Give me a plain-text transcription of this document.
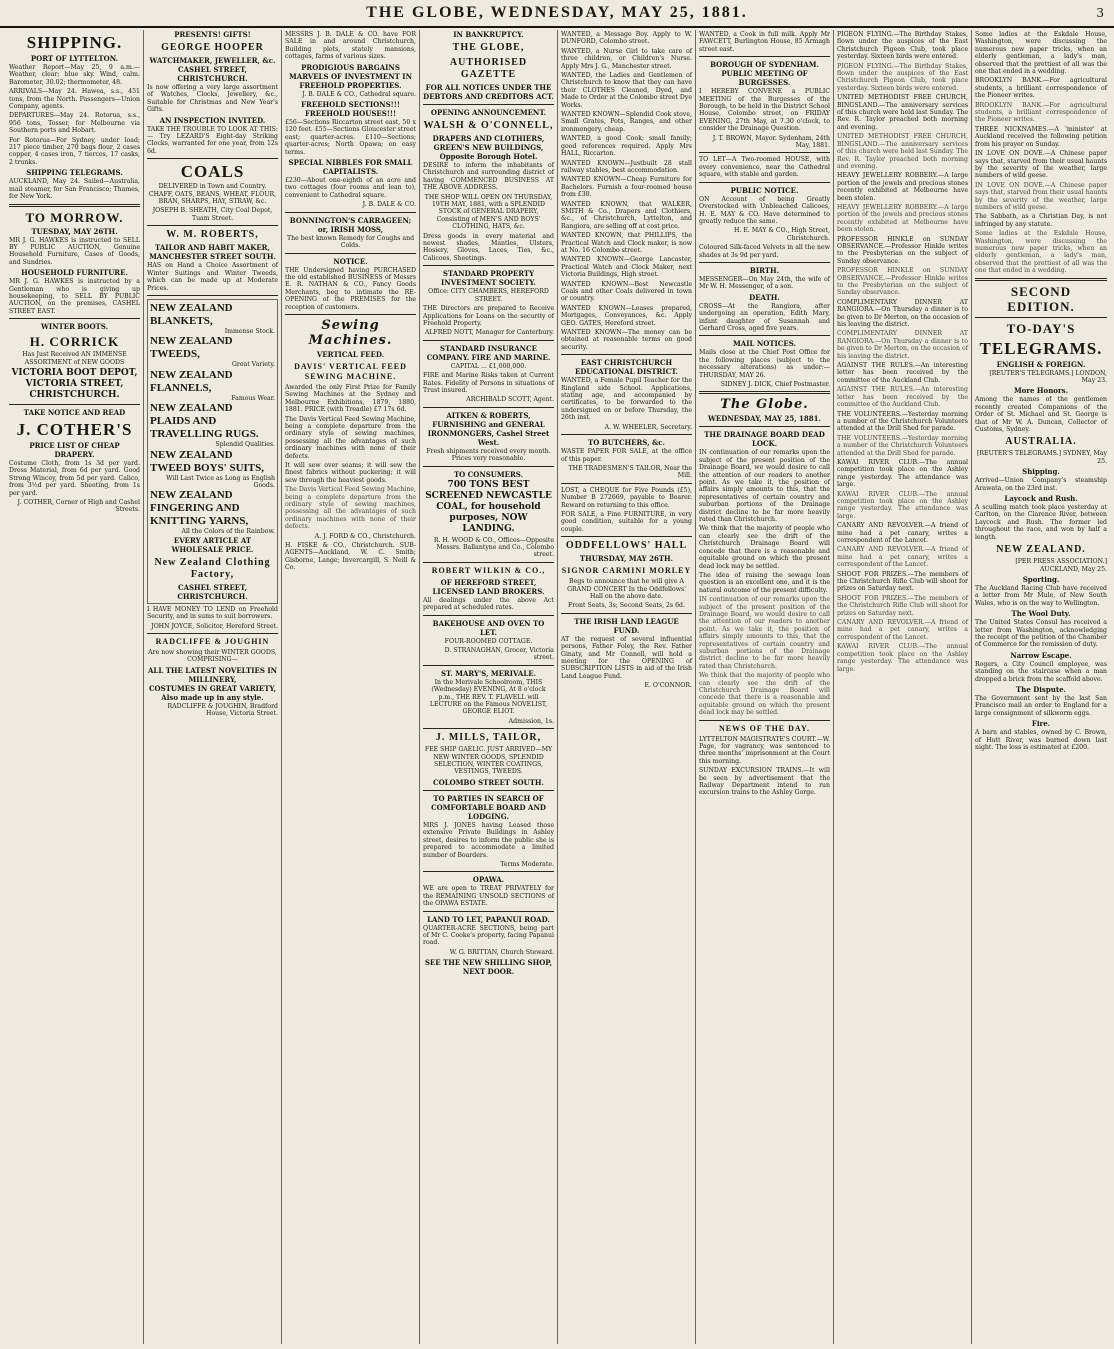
THE GLOBE, WEDNESDAY, MAY 25, 1881.	3
SHIPPING.
PORT OF LYTTELTON.
Weather Report—May 25, 9 a.m.—Weather, clear; blue sky. Wind, calm. Barometer, 30.02; thermometer, 48.
ARRIVALS—May 24. Hawea, s.s., 451 tons, from the North. Passengers—Union Company, agents.
DEPARTURES—May 24. Rotorua, s.s., 956 tons, Tosser, for Melbourne via Southern ports and Hobart.
For Rotorua—For Sydney, under load; 217 piece timber, 270 bags flour, 2 cases copper, 4 cases iron, 7 tierces, 17 casks, 2 trunks.
SHIPPING TELEGRAMS.
AUCKLAND, May 24. Sailed—Australia, mail steamer, for San Francisco; Thames, for New York.
TO MORROW.
TUESDAY, MAY 26TH.
MR J. G. HAWKES is instructed to SELL BY PUBLIC AUCTION, Genuine Household Furniture, Cases of Goods, and Sundries.
HOUSEHOLD FURNITURE.
MR J. G. HAWKES is instructed by a Gentleman who is giving up housekeeping, to SELL BY PUBLIC AUCTION, on the premises, CASHEL STREET EAST.
WINTER BOOTS.
H. CORRICK
Has Just Received AN IMMENSE ASSORTMENT of NEW GOODS
VICTORIA BOOT DEPOT, VICTORIA STREET, CHRISTCHURCH.
TAKE NOTICE AND READ
J. COTHER'S
PRICE LIST OF CHEAP DRAPERY.
Costume Cloth, from 1s 3d per yard. Dress Material, from 6d per yard. Good Strong Wincey, from 5d per yard. Calico, from 3½d per yard. Sheeting, from 1s per yard.
J. COTHER, Corner of High and Cashel Streets.
PRESENTS! GIFTS!
GEORGE HOOPER
WATCHMAKER, JEWELLER, &c.
CASHEL STREET, CHRISTCHURCH.
Is now offering a very large assortment of Watches, Clocks, Jewellery, &c., Suitable for Christmas and New Year's Gifts.
AN INSPECTION INVITED.
TAKE THE TROUBLE TO LOOK AT THIS:— Try LEZARD'S Eight-day Striking Clocks, warranted for one year, from 12s 6d.
COALS
DELIVERED in Town and Country. CHAFF, OATS, BEANS, WHEAT, FLOUR, BRAN, SHARPS, HAY, STRAW, &c.
JOSEPH B. SHEATH, City Coal Depot, Tuam Street.
W. M. ROBERTS,
TAILOR AND HABIT MAKER, MANCHESTER STREET SOUTH.
HAS on Hand a Choice Assortment of Winter Suitings and Winter Tweeds, which can be made up at Moderate Prices.
NEW ZEALAND BLANKETS,
Immense Stock.
NEW ZEALAND TWEEDS,
Great Variety.
NEW ZEALAND FLANNELS,
Famous Wear.
NEW ZEALAND PLAIDS AND TRAVELLING RUGS.
Splendid Qualities.
NEW ZEALAND TWEED BOYS' SUITS,
Will Last Twice as Long as English Goods.
NEW ZEALAND FINGERING AND KNITTING YARNS,
All the Colors of the Rainbow.
EVERY ARTICLE AT WHOLESALE PRICE.
New Zealand Clothing Factory,
CASHEL STREET, CHRISTCHURCH.
I HAVE MONEY TO LEND on Freehold Security, and in sums to suit borrowers.
JOHN JOYCE, Solicitor, Hereford Street.
RADCLIFFE & JOUGHIN
Are now showing their WINTER GOODS, COMPRISING—
ALL THE LATEST NOVELTIES IN MILLINERY,
COSTUMES IN GREAT VARIETY, Also made up in any style.
RADCLIFFE & JOUGHIN, Bradford House, Victoria Street.
MESSRS J. B. DALE & CO. have FOR SALE in and around Christchurch, Building plots, stately mansions, cottages, farms of various sizes.
PRODIGIOUS BARGAINS
MARVELS OF INVESTMENT IN FREEHOLD PROPERTIES.
J. B. DALE & CO., Cathedral square.
FREEHOLD SECTIONS!!!
FREEHOLD HOUSES!!!
£56—Sections Riccarton street east, 50 x 120 feet. £55—Sections Gloucester street east; quarter-acres. £110—Sections; quarter-acres; North Opawa; on easy terms.
SPECIAL NIBBLES FOR SMALL CAPITALISTS.
£230—About one-eighth of an acre and two cottages (four rooms and lean to), convenient to Cathedral square.
J. B. DALE & CO.
BONNINGTON'S CARRAGEEN; or, IRISH MOSS,
The best known Remedy for Coughs and Colds.
NOTICE.
THE Undersigned having PURCHASED the old established BUSINESS of Messrs E. R. NATHAN & CO., Fancy Goods Merchants, beg to intimate the RE-OPENING of the PREMISES for the reception of customers.
Sewing Machines.
VERTICAL FEED.
DAVIS' VERTICAL FEED SEWING MACHINE.
Awarded the only First Prize for Family Sewing Machines at the Sydney and Melbourne Exhibitions, 1879, 1880, 1881. PRICE (with Treadle) £7 17s 6d.
The Davis Vertical Feed Sewing Machine, being a complete departure from the ordinary style of sewing machines, possessing all the advantages of such ordinary machines with none of their defects.
It will sew over seams; it will sew the finest fabrics without puckering; it will sew through the heaviest goods.
The Davis Vertical Feed Sewing Machine, being a complete departure from the ordinary style of sewing machines, possessing all the advantages of such ordinary machines with none of their defects.
A. J. FORD & CO., Christchurch.
H. FISKE & CO., Christchurch. SUB-AGENTS—Auckland, W. C. Smith; Gisborne, Lange; Invercargill, S. Neill & Co.
IN BANKRUPTCY.
THE GLOBE,
AUTHORISED GAZETTE
FOR ALL NOTICES UNDER THE DEBTORS AND CREDITORS ACT.
OPENING ANNOUNCEMENT.
WALSH & O'CONNELL,
DRAPERS AND CLOTHIERS, GREEN'S NEW BUILDINGS, Opposite Borough Hotel.
DESIRE to inform the inhabitants of Christchurch and surrounding district of having COMMENCED BUSINESS AT THE ABOVE ADDRESS.
THE SHOP WILL OPEN ON THURSDAY, 19TH MAY, 1881, with a SPLENDID STOCK of GENERAL DRAPERY, Consisting of MEN'S AND BOYS' CLOTHING, HATS, &c.
Dress goods in every material and newest shades, Mantles, Ulsters, Hosiery, Gloves, Laces, Ties, &c., Calicoes, Sheetings.
STANDARD PROPERTY INVESTMENT SOCIETY.
Office: CITY CHAMBERS, HEREFORD STREET.
THE Directors are prepared to Receive Applications for Loans on the security of Freehold Property.
ALFRED NOTT, Manager for Canterbury.
STANDARD INSURANCE COMPANY. FIRE AND MARINE.
CAPITAL ... £1,000,000.
FIRE and Marine Risks taken at Current Rates. Fidelity of Persons in situations of Trust insured.
ARCHIBALD SCOTT, Agent.
AITKEN & ROBERTS, FURNISHING and GENERAL IRONMONGERS, Cashel Street West.
Fresh shipments received every month. Prices very reasonable.
TO CONSUMERS.
700 TONS BEST SCREENED NEWCASTLE COAL, for household purposes, NOW LANDING.
R. H. WOOD & CO., Offices—Opposite Messrs. Ballantyne and Co., Colombo street.
ROBERT WILKIN & CO.,
OF HEREFORD STREET, LICENSED LAND BROKERS.
All dealings under the above Act prepared at scheduled rates.
BAKEHOUSE AND OVEN TO LET.
FOUR-ROOMED COTTAGE.
D. STRANAGHAN, Grocer, Victoria street.
ST. MARY'S, MERIVALE.
In the Merivale Schoolroom, THIS (Wednesday) EVENING, At 8 o'clock p.m., THE REV. T. FLAVELL will LECTURE on the Famous NOVELIST, GEORGE ELIOT.
Admission, 1s.
J. MILLS, TAILOR,
FEE SHIP GAELIC. JUST ARRIVED—MY NEW WINTER GOODS, SPLENDID SELECTION, WINTER COATINGS, VESTINGS, TWEEDS.
COLOMBO STREET SOUTH.
TO PARTIES IN SEARCH OF COMFORTABLE BOARD AND LODGING.
MRS J. JONES having Leased those extensive Private Buildings in Ashley street, desires to inform the public she is prepared to accommodate a limited number of Boarders.
Terms Moderate.
OPAWA.
WE are open to TREAT PRIVATELY for the REMAINING UNSOLD SECTIONS of the OPAWA ESTATE.
LAND TO LET, PAPANUI ROAD.
QUARTER-ACRE SECTIONS, being part of Mr C. Cooke's property, facing Papanui road.
W. G. BRITTAN, Church Steward.
SEE THE NEW SHILLING SHOP, NEXT DOOR.
WANTED, a Message Boy. Apply to W. DUNFORD, Colombo street.
WANTED, a Nurse Girl to take care of three children, or Children's Nurse. Apply Mrs J. G., Manchester street.
WANTED, the Ladies and Gentlemen of Christchurch to know that they can have their CLOTHES Cleaned, Dyed, and Made to Order at the Colombo street Dye Works.
WANTED KNOWN—Splendid Cook stove, Small Grates, Pots, Ranges, and other ironmongery, cheap.
WANTED, a good Cook; small family; good references required. Apply Mrs HALL, Riccarton.
WANTED KNOWN—Justbuilt 28 stall railway stables, best accommodation.
WANTED KNOWN—Cheap Furniture for Bachelors. Furnish a four-roomed house from £30.
WANTED KNOWN, that WALKER, SMITH & Co., Drapers and Clothiers, &c., of Christchurch, Lyttelton, and Rangiora, are selling off at cost price.
WANTED KNOWN, that PHILLIPS, the Practical Watch and Clock maker, is now at No. 16 Colombo street.
WANTED KNOWN—George Lancaster, Practical Watch and Clock Maker, next Victoria Buildings, High street.
WANTED KNOWN—Best Newcastle Coals and other Coals delivered in town or country.
WANTED KNOWN—Leases prepared, Mortgages, Conveyances, &c. Apply GEO. GATES, Hereford street.
WANTED KNOWN—The money can be obtained at reasonable terms on good security.
EAST CHRISTCHURCH EDUCATIONAL DISTRICT.
WANTED, a Female Pupil Teacher for the Ringland side School. Applications, stating age, and accompanied by certificates, to be forwarded to the undersigned on or before Thursday, the 26th inst.
A. W. WHEELER, Secretary.
TO BUTCHERS, &c.
WASTE PAPER FOR SALE, at the office of this paper.
THE TRADESMEN'S TAILOR, Near the Mill.
LOST, a CHEQUE for Five Pounds (£5), Number B 272669, payable to Bearer. Reward on returning to this office.
FOR SALE, a Fine FURNITURE, in very good condition, suitable for a young couple.
ODDFELLOWS' HALL
THURSDAY, MAY 26TH.
SIGNOR CARMINI MORLEY
Begs to announce that he will give A GRAND CONCERT In the Oddfellows' Hall on the above date.
Front Seats, 3s; Second Seats, 2s 6d.
THE IRISH LAND LEAGUE FUND.
AT the request of several influential persons, Father Foley, the Rev. Father Ginaty, and Mr Connell, will hold a meeting for the OPENING of SUBSCRIPTION LISTS in aid of the Irish Land League Fund.
E. O'CONNOR.
WANTED, a Cook in full milk. Apply Mr FAWCETT, Burlington House, 85 Armagh street east.
BOROUGH OF SYDENHAM.
PUBLIC MEETING OF BURGESSES.
I HEREBY CONVENE a PUBLIC MEETING of the Burgesses of the Borough, to be held in the District School House, Colombo street, on FRIDAY EVENING, 27th May, at 7.30 o'clock, to consider the Drainage Question.
J. T. BROWN, Mayor. Sydenham, 24th May, 1881.
TO LET—A Two-roomed HOUSE, with every convenience, near the Cathedral square, with stable and garden.
PUBLIC NOTICE.
ON Account of being Greatly Overstocked with Unbleached Calicoes, H. E. MAY & CO. Have determined to greatly reduce the same.
H. E. MAY & CO., High Street, Christchurch.
Coloured Silk-faced Velvets in all the new shades at 3s 9d per yard.
BIRTH.
MESSENGER—On May 24th, the wife of Mr W. H. Messenger, of a son.
DEATH.
CROSS—At the Rangiora, after undergoing an operation, Edith Mary, infant daughter of Susannah and Gerhard Cross, aged five years.
MAIL NOTICES.
Mails close at the Chief Post Office for the following places (subject to the necessary alterations) as under:— THURSDAY, MAY 26.
SIDNEY J. DICK, Chief Postmaster.
The Globe.
WEDNESDAY, MAY 25, 1881.
THE DRAINAGE BOARD DEAD LOCK.
IN continuation of our remarks upon the subject of the present position of the Drainage Board, we would desire to call the attention of our readers to another point. As we take it, the position of affairs simply amounts to this, that the representatives of certain country and suburban portions of the Drainage district decline to be far more heavily rated than Christchurch.
We think that the majority of people who can clearly see the drift of the Christchurch Drainage Board will concede that there is a reasonable and equitable ground on which the present dead lock may be settled.
The idea of raising the sewage loan question is an excellent one, and it is the natural outcome of the present difficulty.
IN continuation of our remarks upon the subject of the present position of the Drainage Board, we would desire to call the attention of our readers to another point. As we take it, the position of affairs simply amounts to this, that the representatives of certain country and suburban portions of the Drainage district decline to be far more heavily rated than Christchurch.
We think that the majority of people who can clearly see the drift of the Christchurch Drainage Board will concede that there is a reasonable and equitable ground on which the present dead lock may be settled.
NEWS OF THE DAY.
LYTTELTON MAGISTRATE'S COURT.—W. Page, for vagrancy, was sentenced to three months' imprisonment at the Court this morning.
SUNDAY EXCURSION TRAINS.—It will be seen by advertisement that the Railway Department intend to run excursion trains to the Ashley Gorge.
PIGEON FLYING.—The Birthday Stakes, flown under the auspices of the East Christchurch Pigeon Club, took place yesterday. Sixteen birds were entered.
PIGEON FLYING.—The Birthday Stakes, flown under the auspices of the East Christchurch Pigeon Club, took place yesterday. Sixteen birds were entered.
UNITED METHODIST FREE CHURCH, BINGSLAND.—The anniversary services of this church were held last Sunday. The Rev. R. Taylor preached both morning and evening.
UNITED METHODIST FREE CHURCH, BINGSLAND.—The anniversary services of this church were held last Sunday. The Rev. R. Taylor preached both morning and evening.
HEAVY JEWELLERY ROBBERY.—A large portion of the jewels and precious stones recently exhibited at Melbourne have been stolen.
HEAVY JEWELLERY ROBBERY.—A large portion of the jewels and precious stones recently exhibited at Melbourne have been stolen.
PROFESSOR HINKLE on SUNDAY OBSERVANCE.—Professor Hinkle writes to the Presbyterian on the subject of Sunday observance.
PROFESSOR HINKLE on SUNDAY OBSERVANCE.—Professor Hinkle writes to the Presbyterian on the subject of Sunday observance.
COMPLIMENTARY DINNER AT RANGIORA.—On Thursday a dinner is to be given to Dr Merton, on the occasion of his leaving the district.
COMPLIMENTARY DINNER AT RANGIORA.—On Thursday a dinner is to be given to Dr Merton, on the occasion of his leaving the district.
AGAINST THE RULES.—An interesting letter has been received by the committee of the Auckland Club.
AGAINST THE RULES.—An interesting letter has been received by the committee of the Auckland Club.
THE VOLUNTEERS.—Yesterday morning a number of the Christchurch Volunteers attended at the Drill Shed for parade.
THE VOLUNTEERS.—Yesterday morning a number of the Christchurch Volunteers attended at the Drill Shed for parade.
KAWAI RIVER CLUB.—The annual competition took place on the Ashley range yesterday. The attendance was large.
KAWAI RIVER CLUB.—The annual competition took place on the Ashley range yesterday. The attendance was large.
CANARY AND REVOLVER.—A friend of mine had a pet canary, writes a correspondent of the Lancet.
CANARY AND REVOLVER.—A friend of mine had a pet canary, writes a correspondent of the Lancet.
SHOOT FOR PRIZES.—The members of the Christchurch Rifle Club will shoot for prizes on Saturday next.
SHOOT FOR PRIZES.—The members of the Christchurch Rifle Club will shoot for prizes on Saturday next.
CANARY AND REVOLVER.—A friend of mine had a pet canary, writes a correspondent of the Lancet.
KAWAI RIVER CLUB.—The annual competition took place on the Ashley range yesterday. The attendance was large.
Some ladies at the Eskdale House, Washington, were discussing the numerous new paper tricks, when an elderly gentleman, a lady's man, observed that the prettiest of all was the one that ended in a wedding.
BROOKLYN BANK.—For agricultural students, a brilliant correspondence of the Pioneer writes.
BROOKLYN BANK.—For agricultural students, a brilliant correspondence of the Pioneer writes.
THREE NICKNAMES.—A 'minister' at Auckland received the following petition from his prayer on Sunday.
IN LOVE ON DOVE.—A Chinese paper says that, starved from their usual haunts by the severity of the weather, large numbers of wild geese.
IN LOVE ON DOVE.—A Chinese paper says that, starved from their usual haunts by the severity of the weather, large numbers of wild geese.
The Sabbath, as a Christian Day, is not infringed by any statute.
Some ladies at the Eskdale House, Washington, were discussing the numerous new paper tricks, when an elderly gentleman, a lady's man, observed that the prettiest of all was the one that ended in a wedding.
SECOND EDITION.
TO-DAY'S
TELEGRAMS.
ENGLISH & FOREIGN.
[REUTER'S TELEGRAMS.] LONDON, May 23.
More Honors.
Among the names of the gentlemen recently created Companions of the Order of St. Michael and St. George is that of Mr W. A. Duncan, Collector of Customs, Sydney.
AUSTRALIA.
[REUTER'S TELEGRAMS.] SYDNEY, May 25.
Shipping.
Arrived—Union Company's steamship Arawata, on the 23rd inst.
Laycock and Rush.
A sculling match took place yesterday at Carlton, on the Clarence River, between Laycock and Rush. The former led throughout the race, and won by half a length.
NEW ZEALAND.
[PER PRESS ASSOCIATION.] AUCKLAND, May 25.
Sporting.
The Auckland Racing Club have received a letter from Mr Mule, of New South Wales, who is on the way to Wellington.
The Wool Duty.
The United States Consul has received a letter from Washington, acknowledging the receipt of the petition of the Chamber of Commerce for the remission of duty.
Narrow Escape.
Rogers, a City Council employee, was standing on the staircase when a man dropped a brick from the scaffold above.
The Dispute.
The Government sent by the last San Francisco mail an order to England for a large consignment of silkworm eggs.
Fire.
A barn and stables, owned by C. Brown, of Hutt River, was burned down last night. The loss is estimated at £200.
